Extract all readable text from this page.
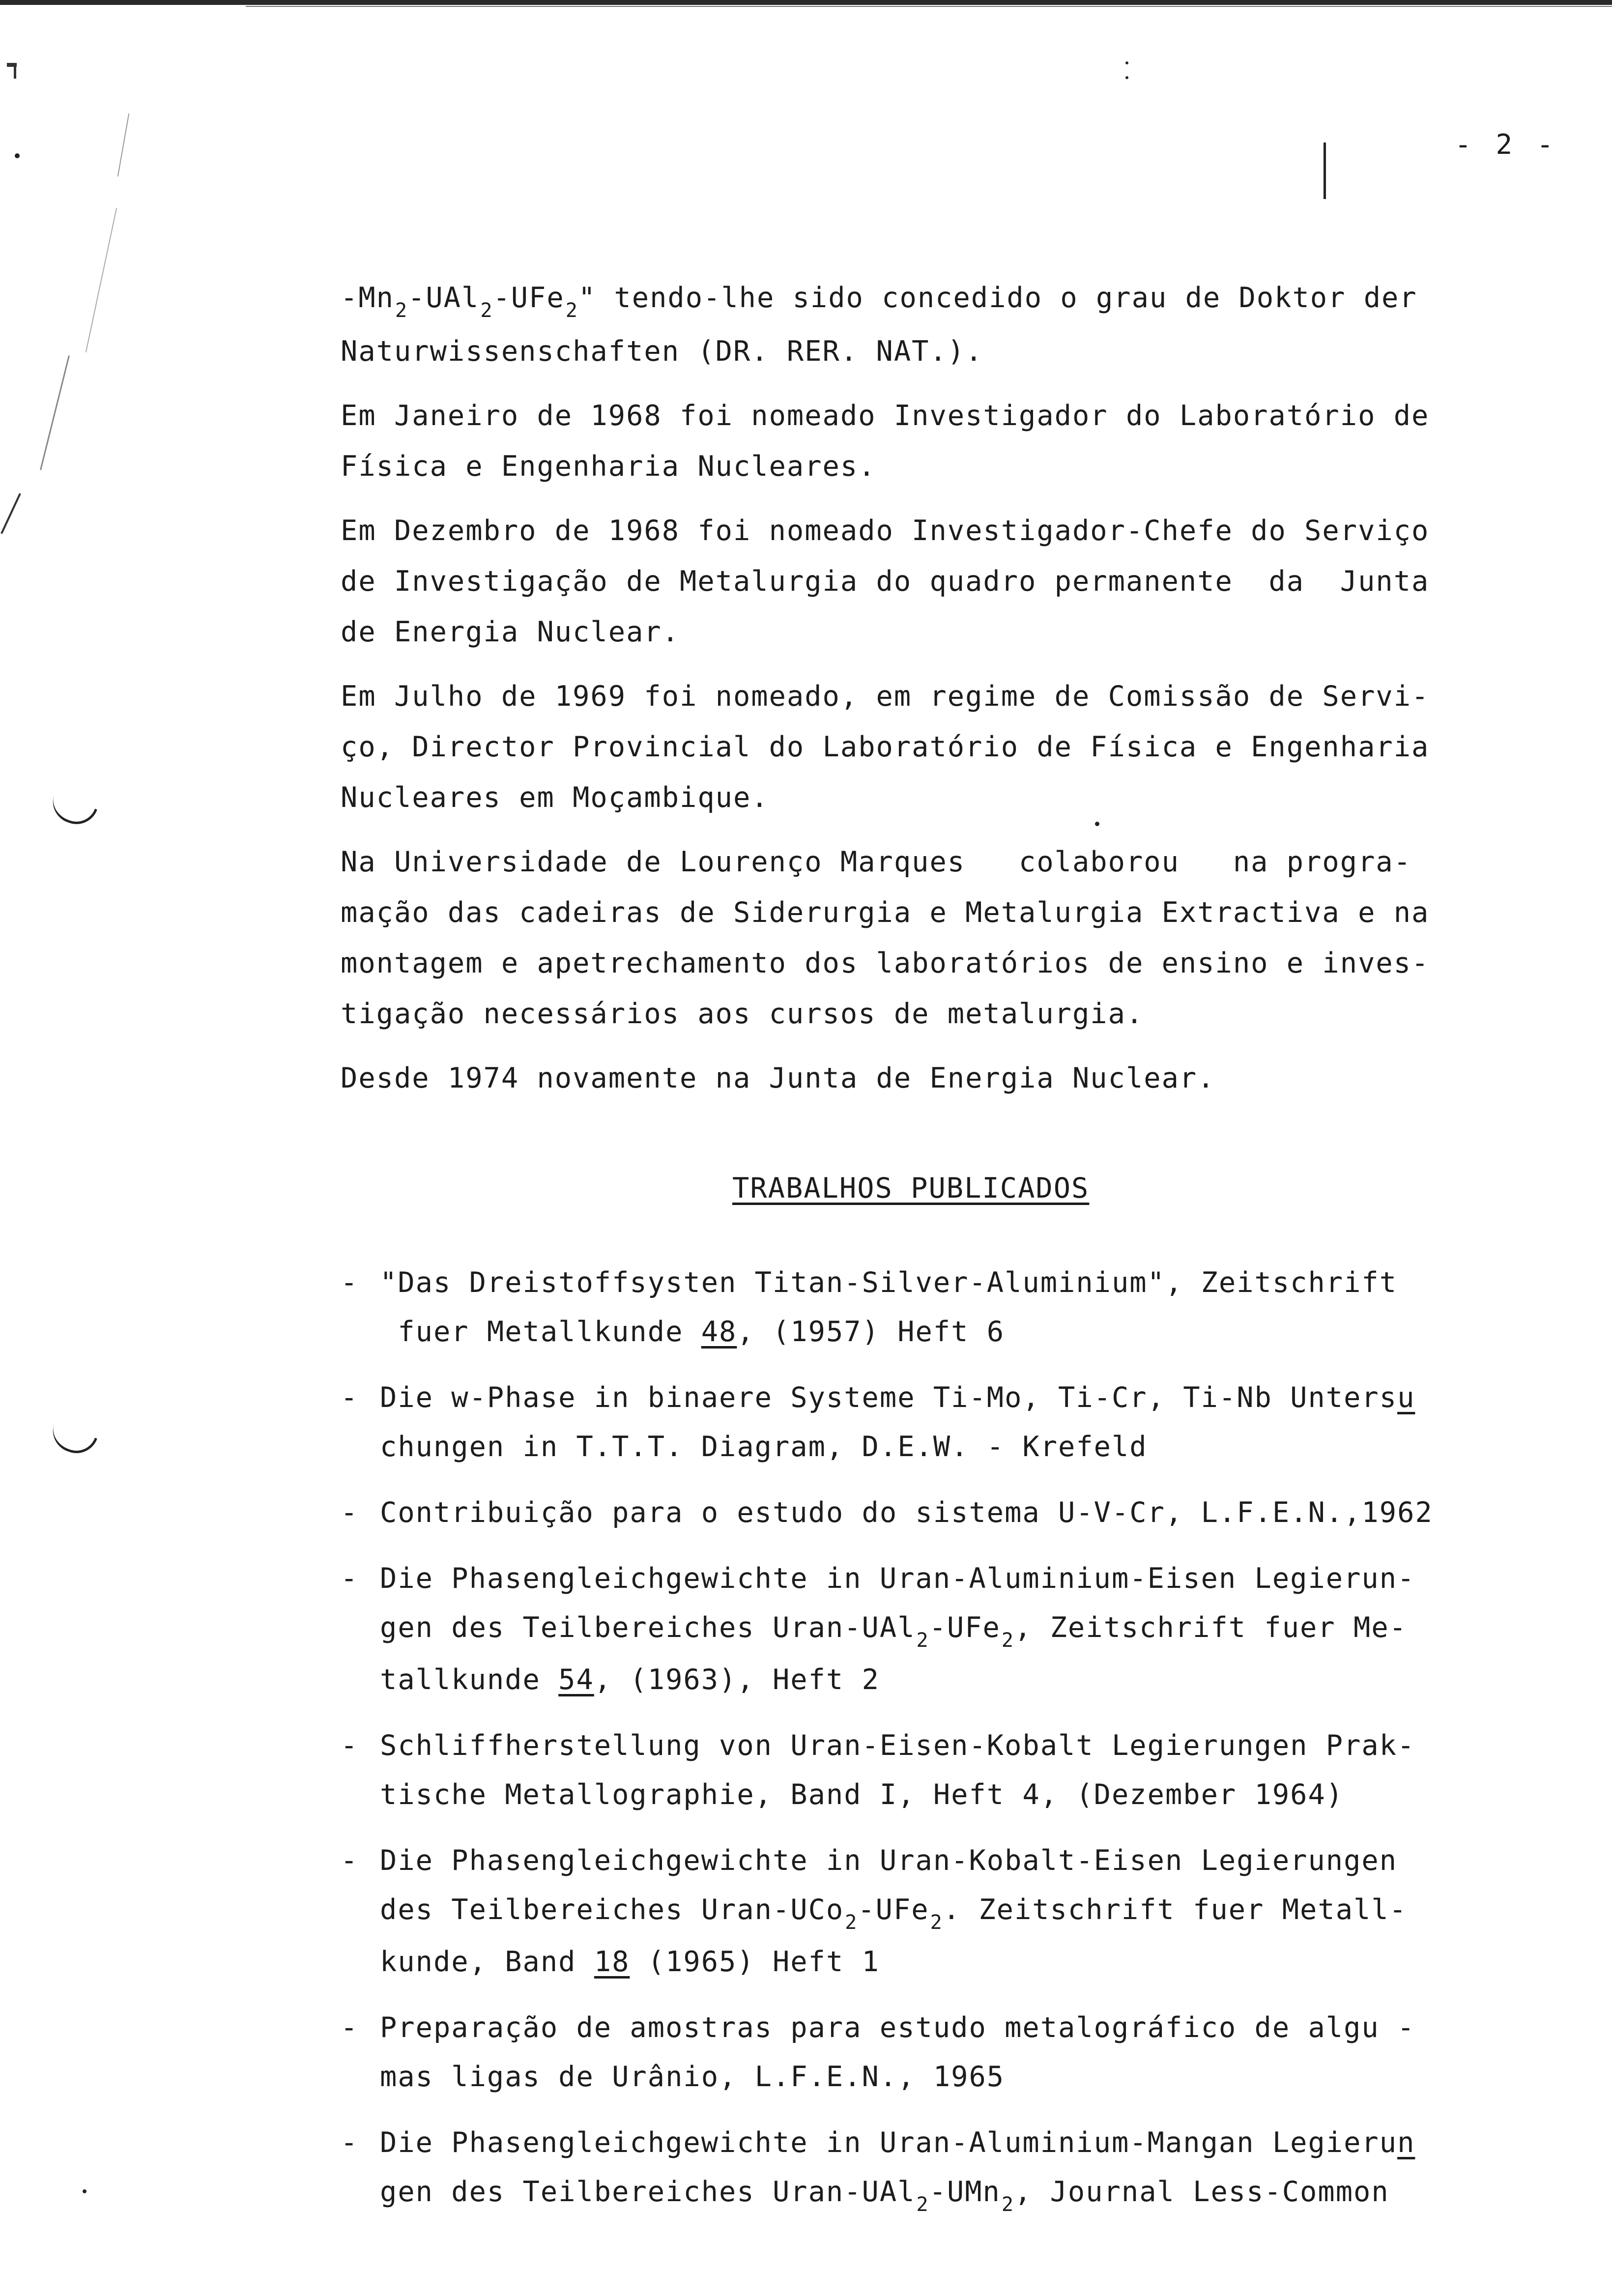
- 2 -
$-Mn_2-UAl_2-UFe_2$" tendo-lhe sido concedido o grau de Doktor der
Naturwissenschaften (DR. RER. NAT.).
Em Janeiro de 1968 foi nomeado Investigador do Laboratório de
Física e Engenharia Nucleares.
Em Dezembro de 1968 foi nomeado Investigador-Chefe do Serviço
de Investigação de Metalurgia do quadro permanente  da  Junta
de Energia Nuclear.
Em Julho de 1969 foi nomeado, em regime de Comissão de Servi-
ço, Director Provincial do Laboratório de Física e Engenharia
Nucleares em Moçambique.
Na Universidade de Lourenço Marques   colaborou   na progra-
mação das cadeiras de Siderurgia e Metalurgia Extractiva e na
montagem e apetrechamento dos laboratórios de ensino e inves-
tigação necessários aos cursos de metalurgia.
Desde 1974 novamente na Junta de Energia Nuclear.
TRABALHOS PUBLICADOS
- "Das Dreistoffsysten Titan-Silver-Aluminium", Zeitschrift
fuer Metallkunde 48, (1957) Heft 6
- Die w-Phase in binaere Systeme Ti-Mo, Ti-Cr, Ti-Nb Untersu
chungen in T.T.T. Diagram, D.E.W. - Krefeld
- Contribuição para o estudo do sistema U-V-Cr, L.F.E.N.,1962
- Die Phasengleichgewichte in Uran-Aluminium-Eisen Legierun-
gen des Teilbereiches Uran-UAl$_2$-UFe$_2$, Zeitschrift fuer Me-
tallkunde 54, (1963), Heft 2
- Schliffherstellung von Uran-Eisen-Kobalt Legierungen Prak-
tische Metallographie, Band I, Heft 4, (Dezember 1964)
- Die Phasengleichgewichte in Uran-Kobalt-Eisen Legierungen
des Teilbereiches Uran-UCo$_2$-UFe$_2$. Zeitschrift fuer Metall-
kunde, Band 18 (1965) Heft 1
- Preparação de amostras para estudo metalográfico de algu -
mas ligas de Urânio, L.F.E.N., 1965
- Die Phasengleichgewichte in Uran-Aluminium-Mangan Legierun
gen des Teilbereiches Uran-UAl$_2$-UMn$_2$, Journal Less-Common
